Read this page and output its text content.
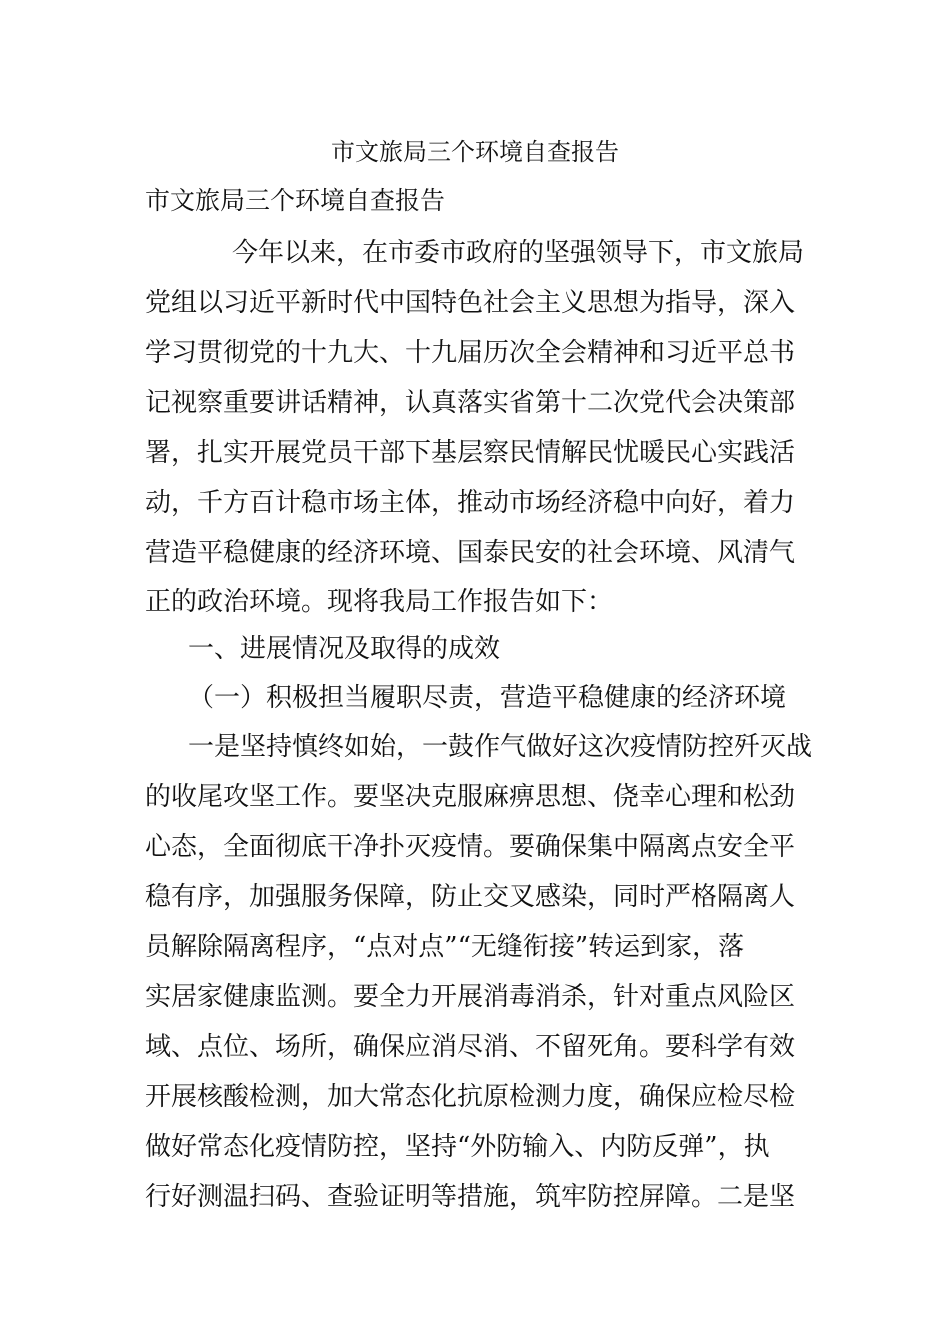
市文旅局三个环境自查报告
市文旅局三个环境自查报告
今年以来，在市委市政府的坚强领导下，市文旅局
党组以习近平新时代中国特色社会主义思想为指导，深入
学习贯彻党的十九大、十九届历次全会精神和习近平总书
记视察重要讲话精神，认真落实省第十二次党代会决策部
署，扎实开展党员干部下基层察民情解民忧暖民心实践活
动，千方百计稳市场主体，推动市场经济稳中向好，着力
营造平稳健康的经济环境、国泰民安的社会环境、风清气
正的政治环境。现将我局工作报告如下：
一、进展情况及取得的成效
（一）积极担当履职尽责，营造平稳健康的经济环境
一是坚持慎终如始，一鼓作气做好这次疫情防控歼灭战
的收尾攻坚工作。要坚决克服麻痹思想、侥幸心理和松劲
心态，全面彻底干净扑灭疫情。要确保集中隔离点安全平
稳有序，加强服务保障，防止交叉感染，同时严格隔离人
员解除隔离程序，“点对点”“无缝衔接”转运到家，落
实居家健康监测。要全力开展消毒消杀，针对重点风险区
域、点位、场所，确保应消尽消、不留死角。要科学有效
开展核酸检测，加大常态化抗原检测力度，确保应检尽检
做好常态化疫情防控，坚持“外防输入、内防反弹”，执
行好测温扫码、查验证明等措施，筑牢防控屏障。二是坚
